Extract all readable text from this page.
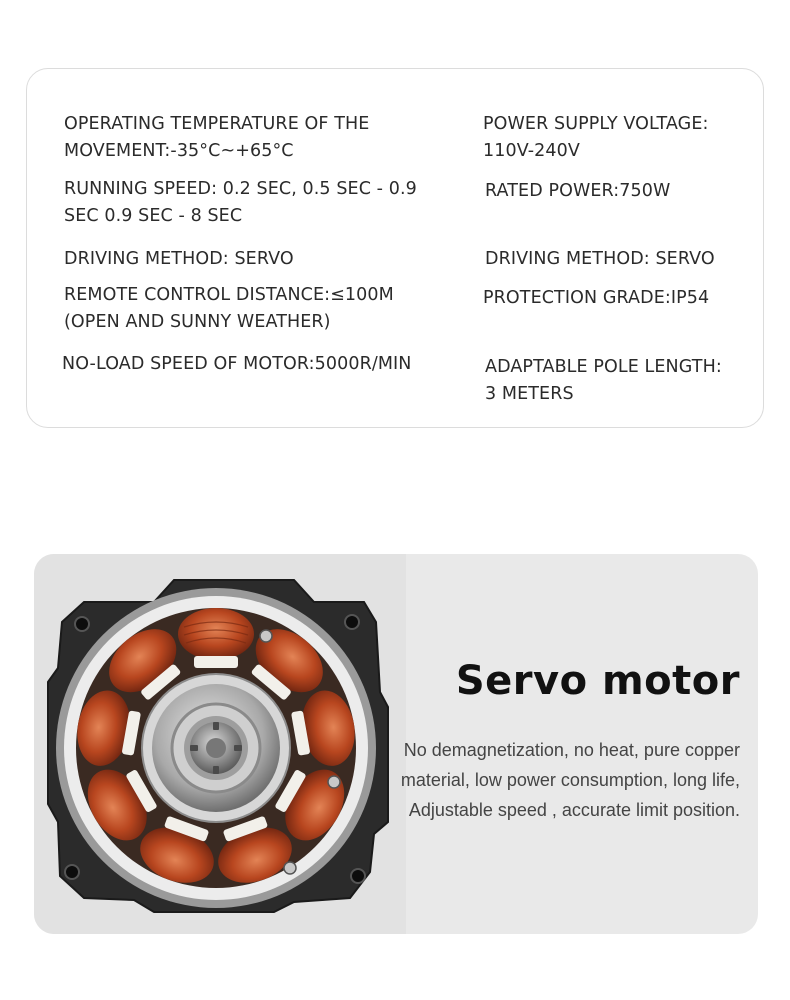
OPERATING TEMPERATURE OF THE
MOVEMENT:-35°C~+65°C
POWER SUPPLY VOLTAGE:
110V-240V
RUNNING SPEED: 0.2 SEC, 0.5 SEC - 0.9
SEC 0.9 SEC - 8 SEC
RATED POWER:750W
DRIVING METHOD: SERVO	DRIVING METHOD: SERVO
REMOTE CONTROL DISTANCE:≤100M
(OPEN AND SUNNY WEATHER)
PROTECTION GRADE:IP54
NO-LOAD SPEED OF MOTOR:5000R/MIN	ADAPTABLE POLE LENGTH:
3 METERS
Servo motor
No demagnetization, no heat, pure copper
material, low power consumption, long life,
Adjustable speed , accurate limit position.
